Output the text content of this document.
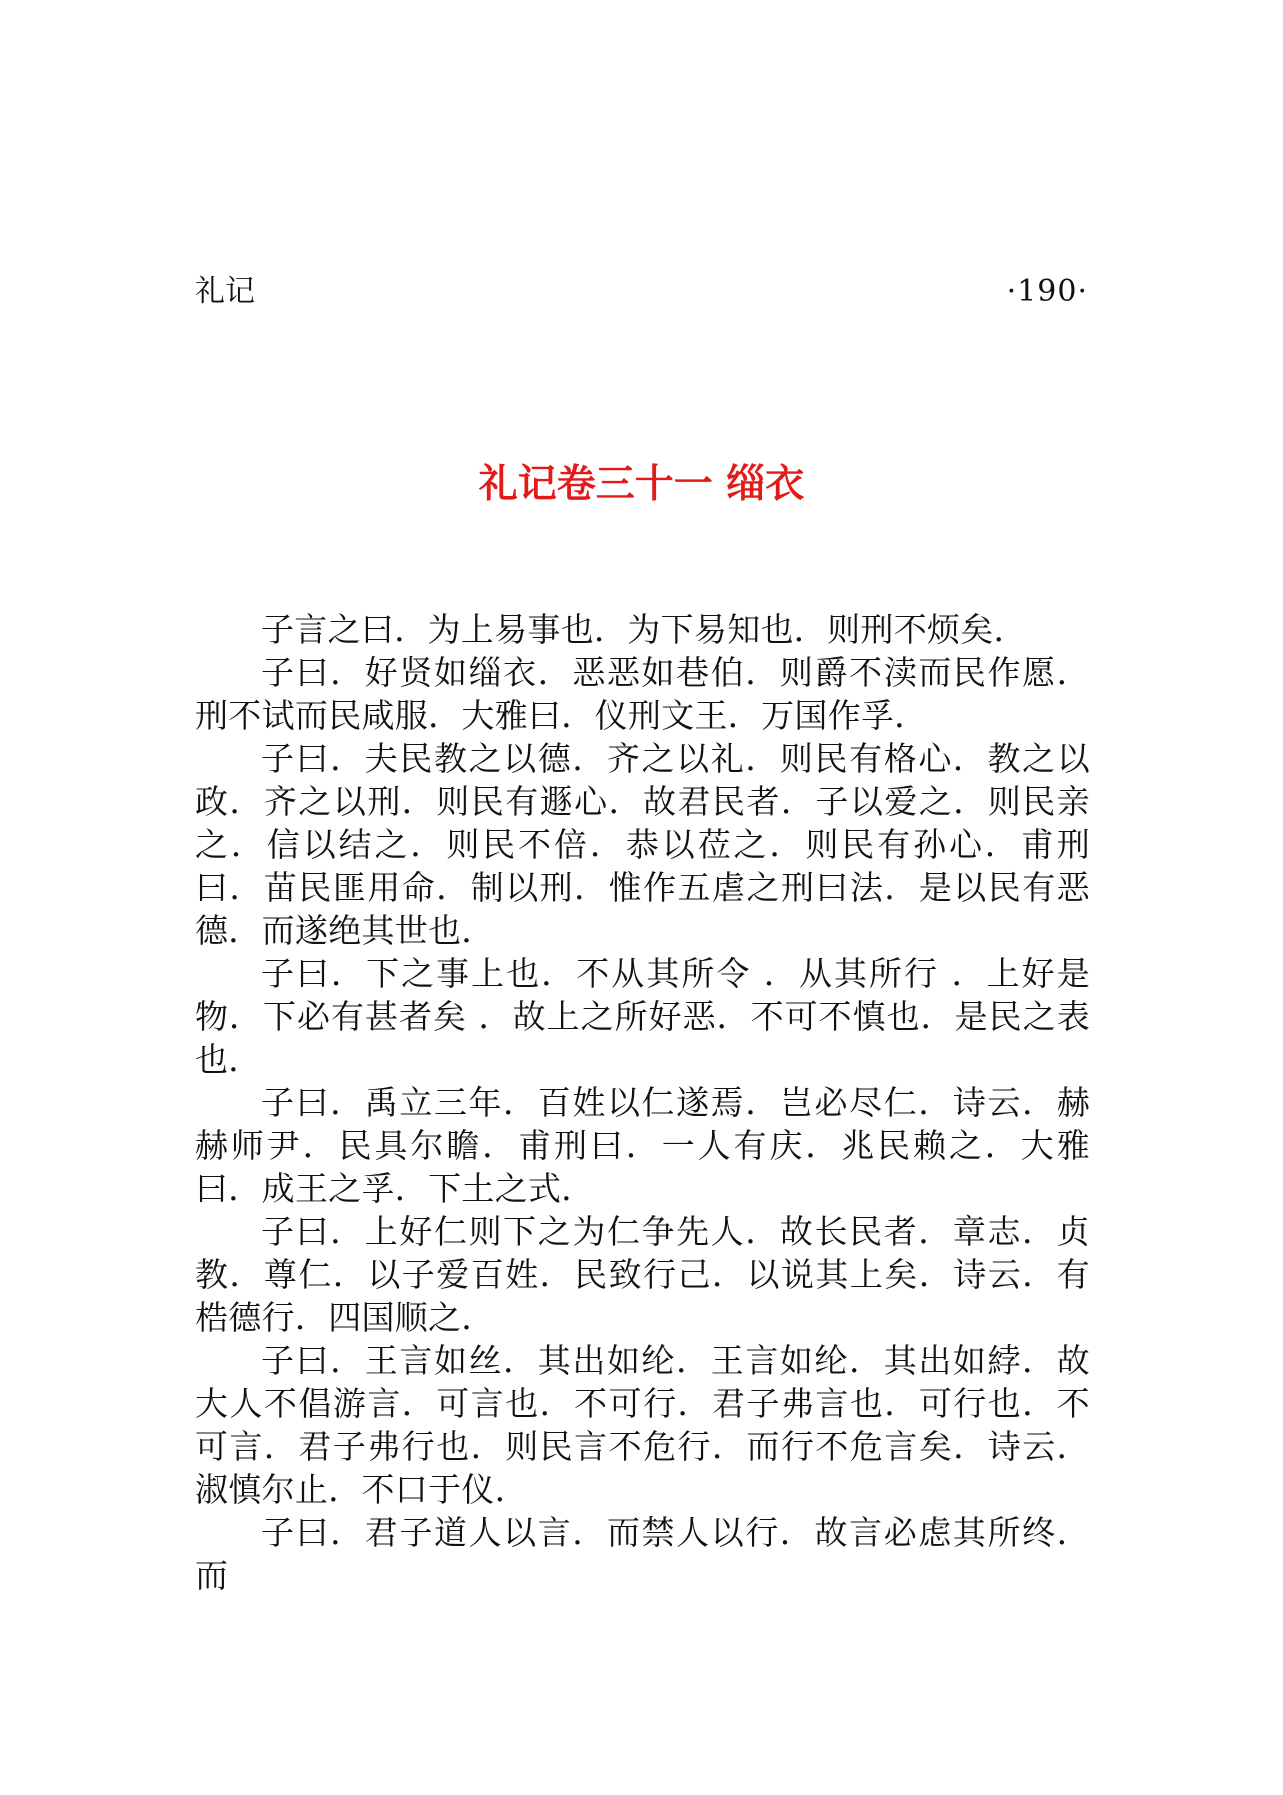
礼记	·190·
礼记卷三十一 缁衣

子言之曰．为上易事也．为下易知也．则刑不烦矣．

子曰．好贤如缁衣．恶恶如巷伯．则爵不渎而民作愿．刑不试而民咸服．大雅曰．仪刑文王．万国作孚．

子曰．夫民教之以德．齐之以礼．则民有格心．教之以政．齐之以刑．则民有遯心．故君民者．子以爱之．则民亲之．信以结之．则民不倍．恭以莅之．则民有孙心．甫刑曰．苗民匪用命．制以刑．惟作五虐之刑曰法．是以民有恶德．而遂绝其世也．

子曰．下之事上也．不从其所令 ．从其所行 ．上好是物．下必有甚者矣 ．故上之所好恶．不可不慎也．是民之表也．

子曰．禹立三年．百姓以仁遂焉．岂必尽仁．诗云．赫赫师尹．民具尔瞻．甫刑曰．一人有庆．兆民赖之．大雅曰．成王之孚．下土之式．

子曰．上好仁则下之为仁争先人．故长民者．章志．贞教．尊仁．以子爱百姓．民致行己．以说其上矣．诗云．有梏德行．四国顺之．

子曰．王言如丝．其出如纶．王言如纶．其出如綍．故大人不倡游言．可言也．不可行．君子弗言也．可行也．不可言．君子弗行也．则民言不危行．而行不危言矣．诗云．淑慎尔止．不口于仪．

子曰．君子道人以言．而禁人以行．故言必虑其所终．而
